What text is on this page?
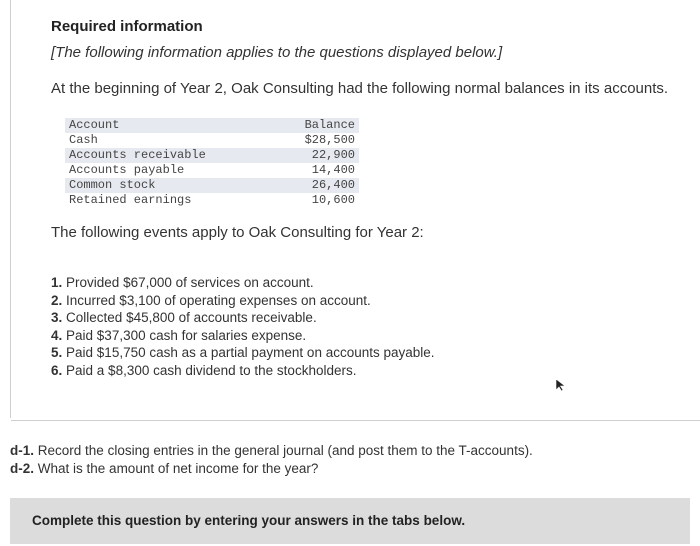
Required information
[The following information applies to the questions displayed below.]
At the beginning of Year 2, Oak Consulting had the following normal balances in its accounts.
Account	Balance
Cash	$28,500
Accounts receivable	22,900
Accounts payable	14,400
Common stock	26,400
Retained earnings	10,600
The following events apply to Oak Consulting for Year 2:
1. Provided $67,000 of services on account.
2. Incurred $3,100 of operating expenses on account.
3. Collected $45,800 of accounts receivable.
4. Paid $37,300 cash for salaries expense.
5. Paid $15,750 cash as a partial payment on accounts payable.
6. Paid a $8,300 cash dividend to the stockholders.
d-1. Record the closing entries in the general journal (and post them to the T-accounts).
d-2. What is the amount of net income for the year?
Complete this question by entering your answers in the tabs below.
